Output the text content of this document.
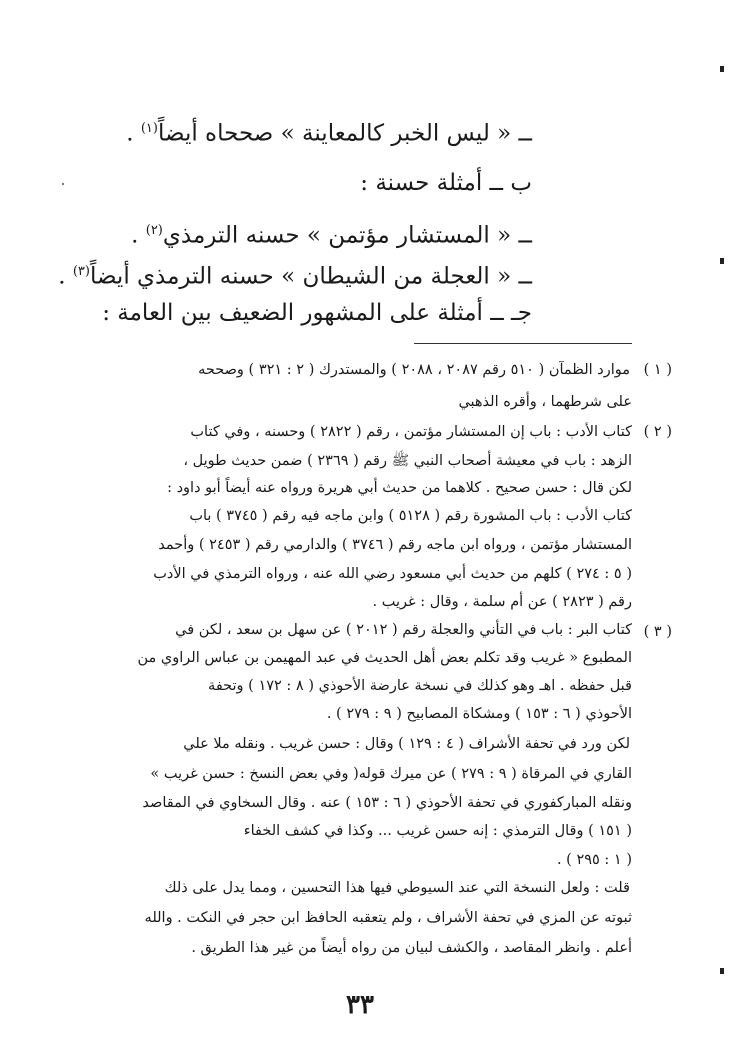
ــ « ليس الخبر كالمعاينة » صححاه أيضاً$^{(١)}$ .
ب ــ أمثلة حسنة :
ــ « المستشار مؤتمن » حسنه الترمذي$^{(٢)}$ .
ــ « العجلة من الشيطان » حسنه الترمذي أيضاً$^{(٣)}$ .
جـ ــ أمثلة على المشهور الضعيف بين العامة :
( ١ )
موارد الظمآن ( ٥١٠ رقم ٢٠٨٧ ، ٢٠٨٨ ) والمستدرك ( ٢ : ٣٢١ ) وصححه
على شرطهما ، وأقره الذهبي
( ٢ )
كتاب الأدب : باب إن المستشار مؤتمن ، رقم ( ٢٨٢٢ ) وحسنه ، وفي كتاب
الزهد : باب في معيشة أصحاب النبي ﷺ رقم ( ٢٣٦٩ ) ضمن حديث طويل ،
لكن قال : حسن صحيح . كلاهما من حديث أبي هريرة ورواه عنه أيضاً أبو داود :
كتاب الأدب : باب المشورة رقم ( ٥١٢٨ ) وابن ماجه فيه رقم ( ٣٧٤٥ ) باب
المستشار مؤتمن ، ورواه ابن ماجه رقم ( ٣٧٤٦ ) والدارمي رقم ( ٢٤٥٣ ) وأحمد
( ٥ : ٢٧٤ ) كلهم من حديث أبي مسعود رضي الله عنه ، ورواه الترمذي في الأدب
رقم ( ٢٨٢٣ ) عن أم سلمة ، وقال : غريب .
( ٣ )
كتاب البر : باب في التأني والعجلة رقم ( ٢٠١٢ ) عن سهل بن سعد ، لكن في
المطبوع « غريب وقد تكلم بعض أهل الحديث في عبد المهيمن بن عباس الراوي من
قبل حفظه . اهـ وهو كذلك في نسخة عارضة الأحوذي ( ٨ : ١٧٢ ) وتحفة
الأحوذي ( ٦ : ١٥٣ ) ومشكاة المصابيح ( ٩ : ٢٧٩ ) .
لكن ورد في تحفة الأشراف ( ٤ : ١٢٩ ) وقال : حسن غريب . ونقله ملا علي
القاري في المرقاة ( ٩ : ٢٧٩ ) عن ميرك قوله( وفي بعض النسخ : حسن غريب »
ونقله المباركفوري في تحفة الأحوذي ( ٦ : ١٥٣ ) عنه . وقال السخاوي في المقاصد
( ١٥١ ) وقال الترمذي : إنه حسن غريب ... وكذا في كشف الخفاء
( ١ : ٢٩٥ ) .
قلت : ولعل النسخة التي عند السيوطي فيها هذا التحسين ، ومما يدل على ذلك
ثبوته عن المزي في تحفة الأشراف ، ولم يتعقبه الحافظ ابن حجر في النكت . والله
أعلم . وانظر المقاصد ، والكشف لبيان من رواه أيضاً من غير هذا الطريق .
٣٣
